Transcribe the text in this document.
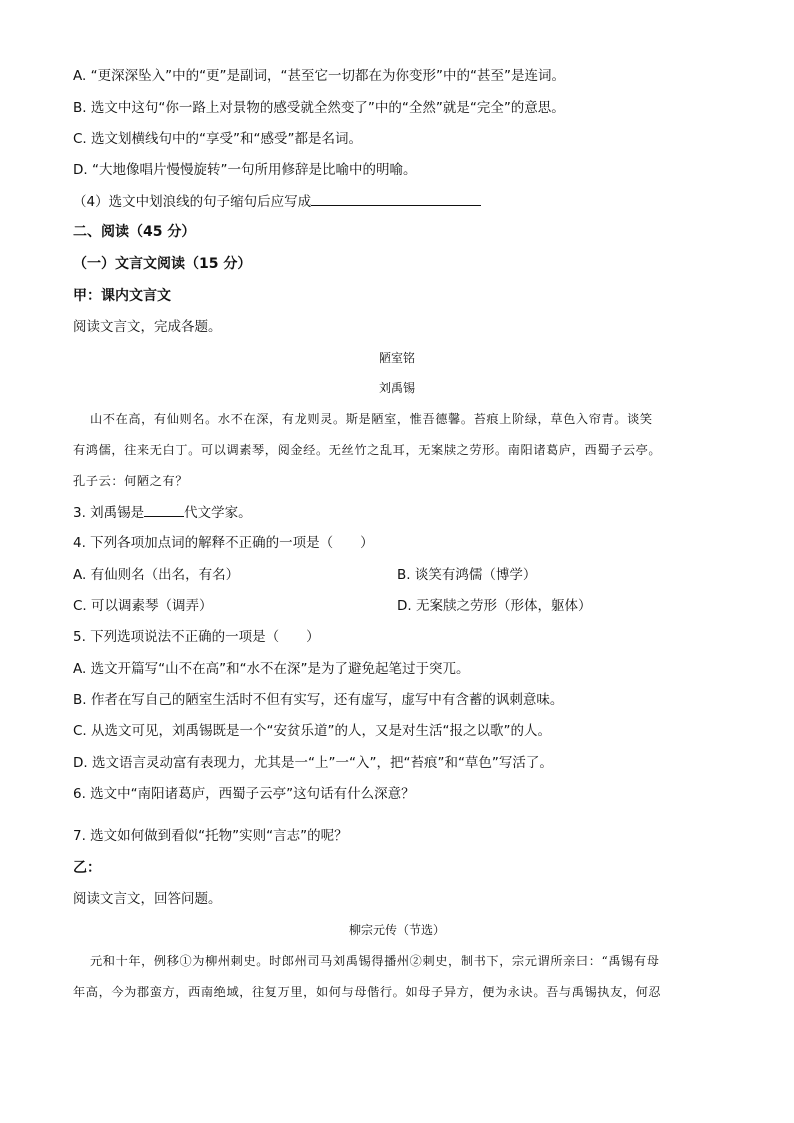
A. “更深深坠入”中的“更”是副词，“甚至它一切都在为你变形”中的“甚至”是连词。
B. 选文中这句“你一路上对景物的感受就全然变了”中的“全然”就是“完全”的意思。
C. 选文划横线句中的“享受”和“感受”都是名词。
D. “大地像唱片慢慢旋转”一句所用修辞是比喻中的明喻。
（4）选文中划浪线的句子缩句后应写成
二、阅读（45 分）
（一）文言文阅读（15 分）
甲：课内文言文
阅读文言文，完成各题。
陋室铭
刘禹锡
山不在高，有仙则名。水不在深，有龙则灵。斯是陋室，惟吾德馨。苔痕上阶绿，草色入帘青。谈笑
有鸿儒，往来无白丁。可以调素琴，阅金经。无丝竹之乱耳，无案牍之劳形。南阳诸葛庐，西蜀子云亭。
孔子云：何陋之有？
3. 刘禹锡是	代文学家。
4. 下列各项加点词的解释不正确的一项是（　　）
A. 有仙则名（出名，有名）	B. 谈笑有鸿儒（博学）
C. 可以调素琴（调弄）	D. 无案牍之劳形（形体，躯体）
5. 下列选项说法不正确的一项是（　　）
A. 选文开篇写“山不在高”和“水不在深”是为了避免起笔过于突兀。
B. 作者在写自己的陋室生活时不但有实写，还有虚写，虚写中有含蓄的讽刺意味。
C. 从选文可见，刘禹锡既是一个“安贫乐道”的人，又是对生活“报之以歌”的人。
D. 选文语言灵动富有表现力，尤其是一“上”一“入”，把“苔痕”和“草色”写活了。
6. 选文中“南阳诸葛庐，西蜀子云亭”这句话有什么深意？
7. 选文如何做到看似“托物”实则“言志”的呢？
乙：
阅读文言文，回答问题。
柳宗元传（节选）
元和十年，例移①为柳州刺史。时郎州司马刘禹锡得播州②刺史，制书下，宗元谓所亲曰：“禹锡有母
年高，今为郡蛮方，西南绝域，往复万里，如何与母偕行。如母子异方，便为永诀。吾与禹锡执友，何忍
